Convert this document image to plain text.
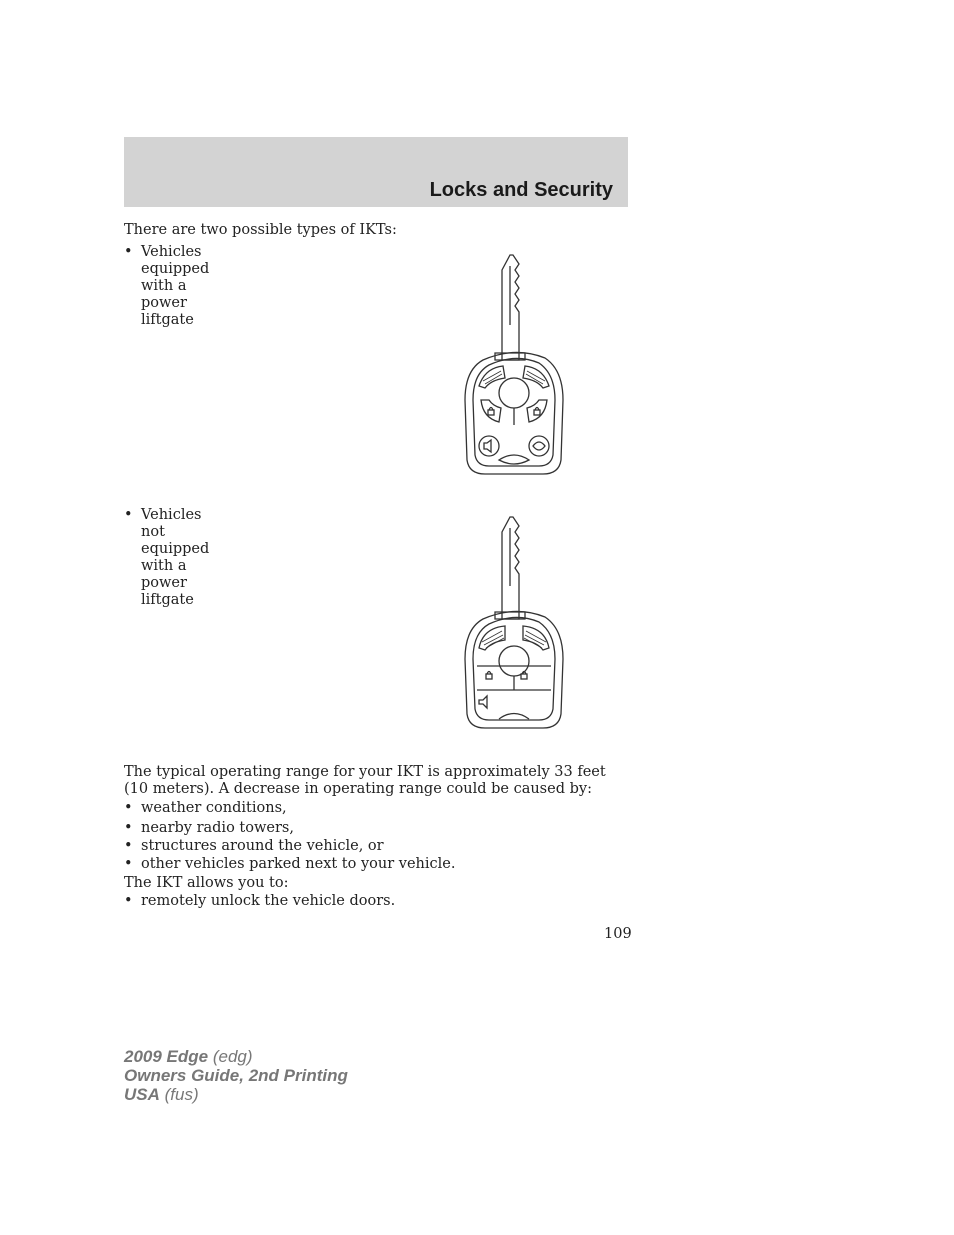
Locks and Security
There are two possible types of IKTs:
• Vehicles equipped with a power
liftgate
• Vehicles not equipped with a
power liftgate
The typical operating range for your IKT is approximately 33 feet
(10 meters). A decrease in operating range could be caused by:
• weather conditions,
• nearby radio towers,
• structures around the vehicle, or
• other vehicles parked next to your vehicle.
The IKT allows you to:
• remotely unlock the vehicle doors.
109
2009 Edge (edg)
Owners Guide, 2nd Printing
USA (fus)
